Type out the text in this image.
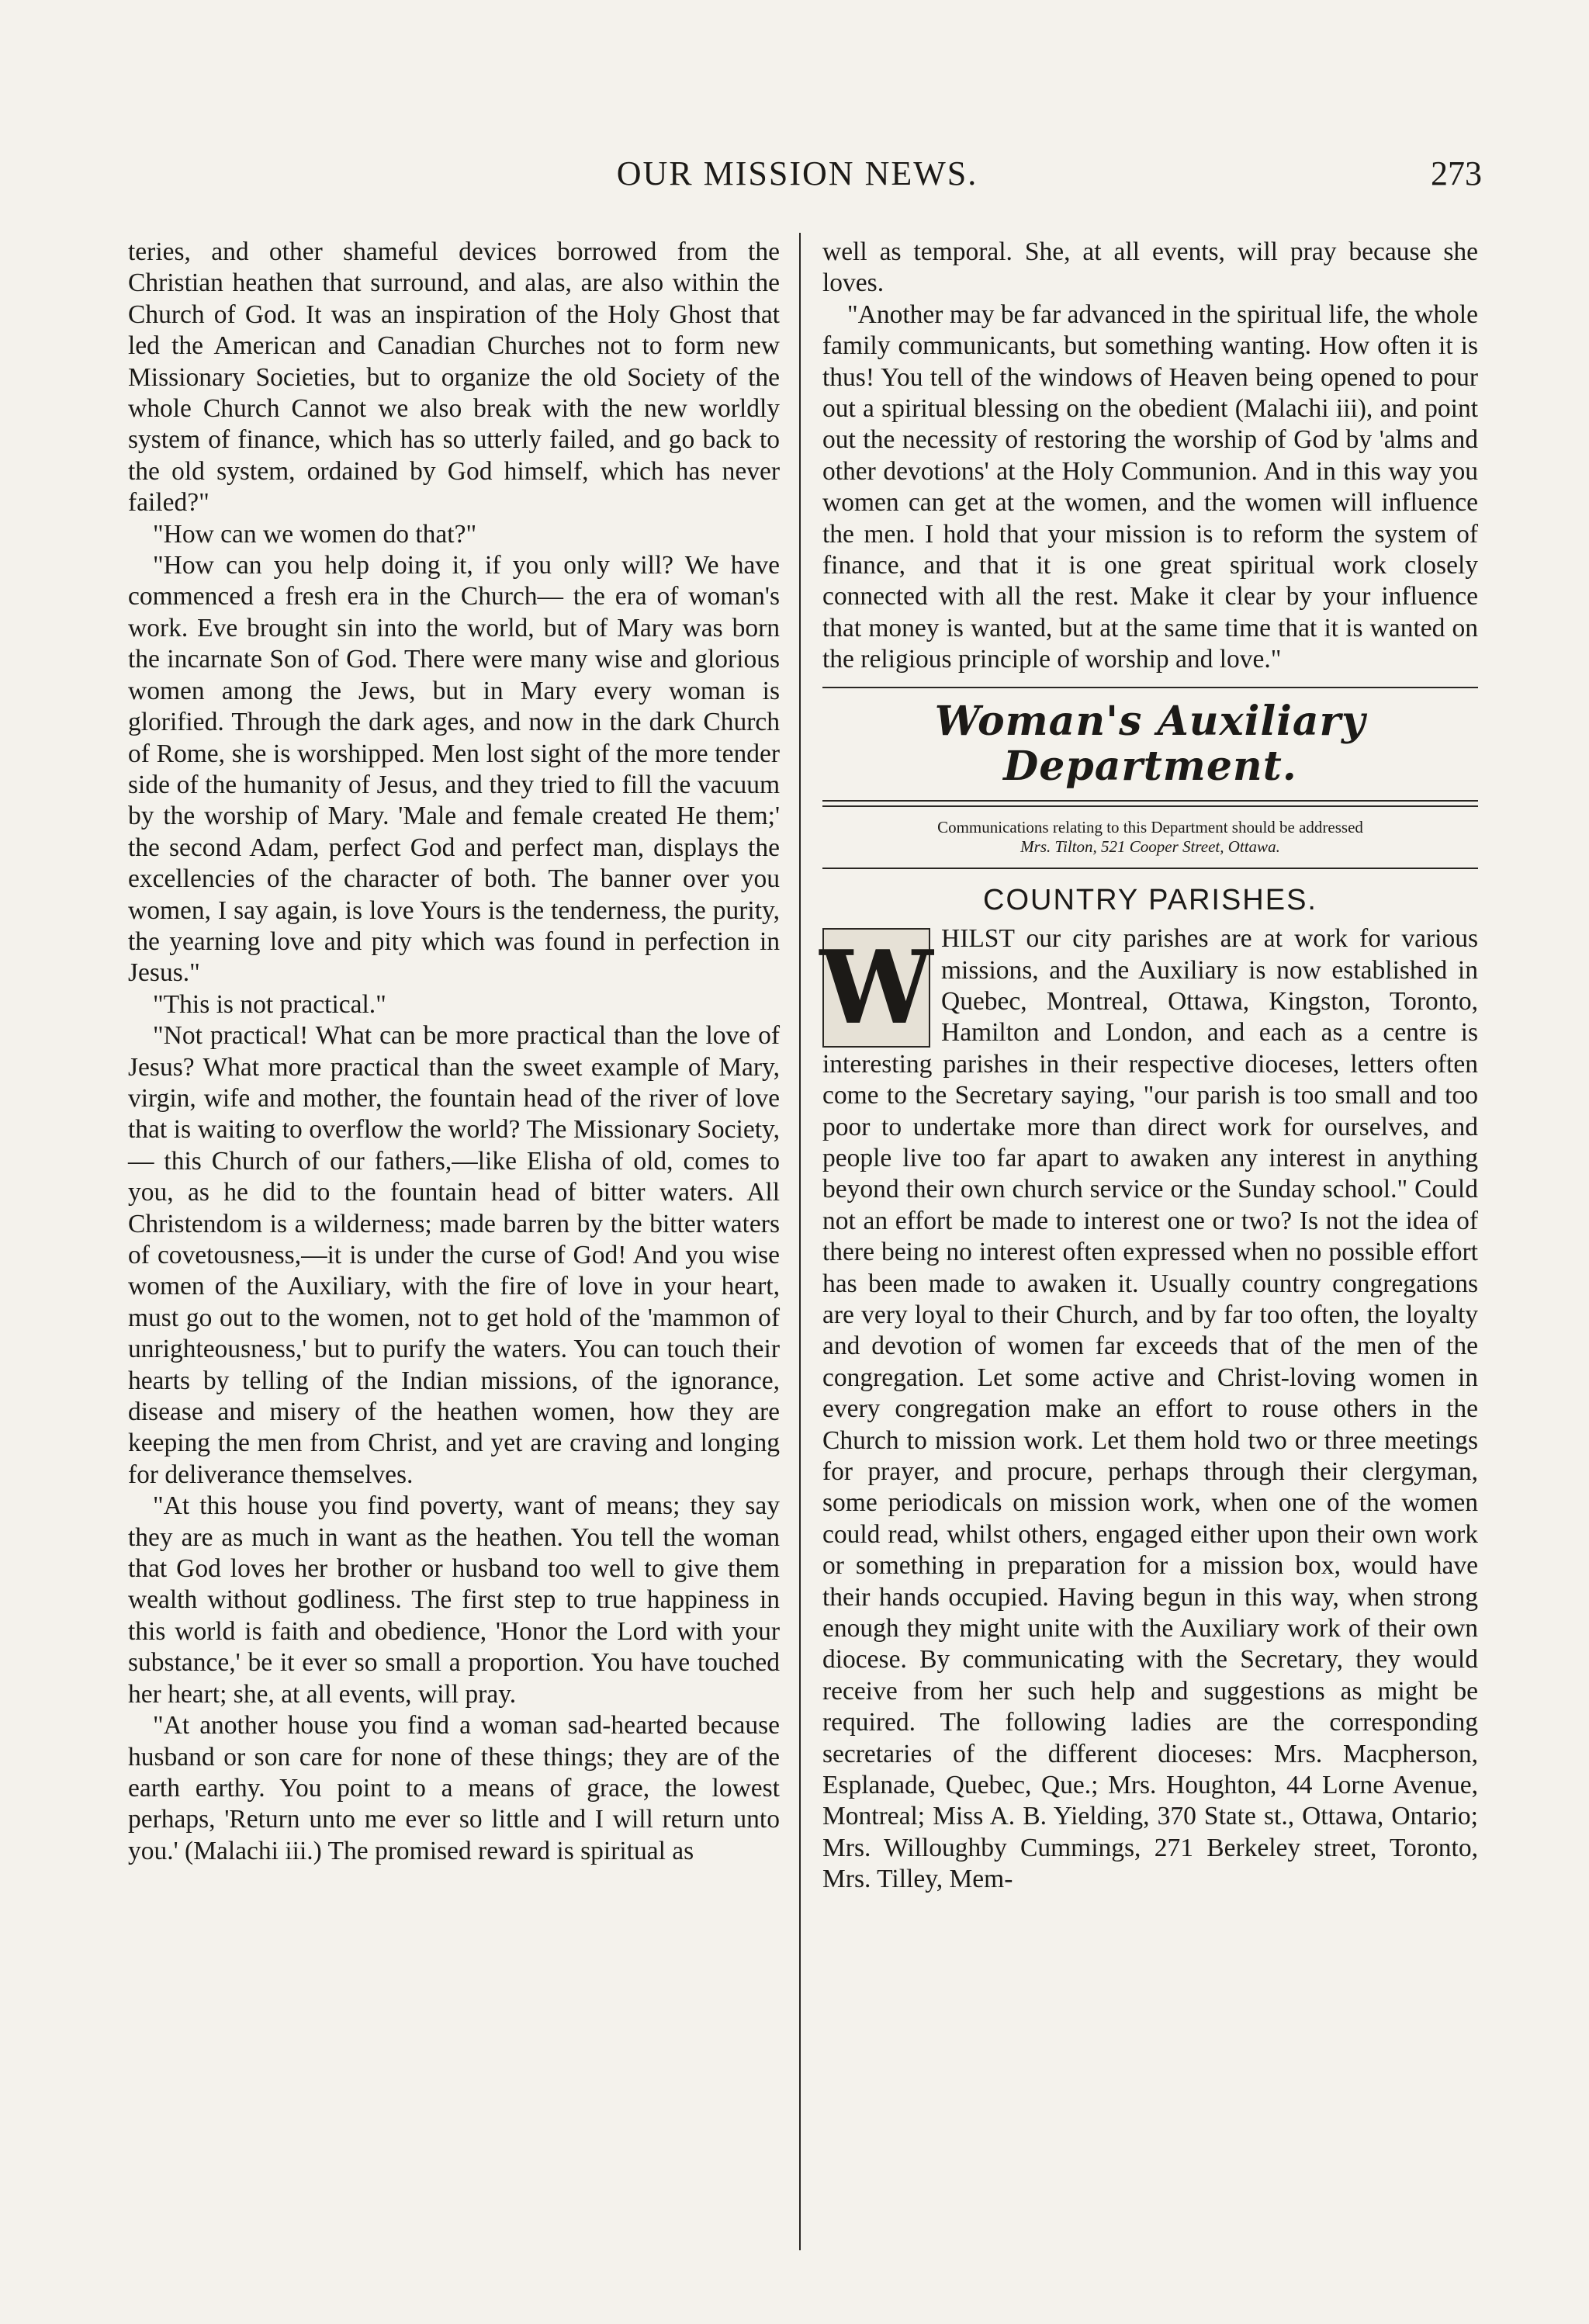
OUR MISSION NEWS.	273

teries, and other shameful devices borrowed from the Christian heathen that surround, and alas, are also within the Church of God. It was an inspiration of the Holy Ghost that led the American and Canadian Churches not to form new Missionary Societies, but to organize the old Society of the whole Church Cannot we also break with the new worldly system of finance, which has so utterly failed, and go back to the old system, ordained by God himself, which has never failed?"

"How can we women do that?"

"How can you help doing it, if you only will? We have commenced a fresh era in the Church— the era of woman's work. Eve brought sin into the world, but of Mary was born the incarnate Son of God. There were many wise and glorious women among the Jews, but in Mary every woman is glorified. Through the dark ages, and now in the dark Church of Rome, she is worshipped. Men lost sight of the more tender side of the humanity of Jesus, and they tried to fill the vacuum by the worship of Mary. 'Male and female created He them;' the second Adam, perfect God and perfect man, displays the excellencies of the character of both. The banner over you women, I say again, is love Yours is the tenderness, the purity, the yearning love and pity which was found in perfection in Jesus."

"This is not practical."

"Not practical! What can be more practical than the love of Jesus? What more practical than the sweet example of Mary, virgin, wife and mother, the fountain head of the river of love that is waiting to overflow the world? The Missionary Society,— this Church of our fathers,—like Elisha of old, comes to you, as he did to the fountain head of bitter waters. All Christendom is a wilderness; made barren by the bitter waters of covetousness,—it is under the curse of God! And you wise women of the Auxiliary, with the fire of love in your heart, must go out to the women, not to get hold of the 'mammon of unrighteousness,' but to purify the waters. You can touch their hearts by telling of the Indian missions, of the ignorance, disease and misery of the heathen women, how they are keeping the men from Christ, and yet are craving and longing for deliverance themselves.

"At this house you find poverty, want of means; they say they are as much in want as the heathen. You tell the woman that God loves her brother or husband too well to give them wealth without godliness. The first step to true happiness in this world is faith and obedience, 'Honor the Lord with your substance,' be it ever so small a proportion. You have touched her heart; she, at all events, will pray.

"At another house you find a woman sad-hearted because husband or son care for none of these things; they are of the earth earthy. You point to a means of grace, the lowest perhaps, 'Return unto me ever so little and I will return unto you.' (Malachi iii.) The promised reward is spiritual as

well as temporal. She, at all events, will pray because she loves.

"Another may be far advanced in the spiritual life, the whole family communicants, but something wanting. How often it is thus! You tell of the windows of Heaven being opened to pour out a spiritual blessing on the obedient (Malachi iii), and point out the necessity of restoring the worship of God by 'alms and other devotions' at the Holy Communion. And in this way you women can get at the women, and the women will influence the men. I hold that your mission is to reform the system of finance, and that it is one great spiritual work closely connected with all the rest. Make it clear by your influence that money is wanted, but at the same time that it is wanted on the religious principle of worship and love."

Woman's Auxiliary Department.
Communications relating to this Department should be addressed
Mrs. Tilton, 521 Cooper Street, Ottawa.
COUNTRY PARISHES.
W HILST our city parishes are at work for various missions, and the Auxiliary is now established in Quebec, Montreal, Ottawa, Kingston, Toronto, Hamilton and London, and each as a centre is interesting parishes in their respective dioceses, letters often come to the Secretary saying, "our parish is too small and too poor to undertake more than direct work for ourselves, and people live too far apart to awaken any interest in anything beyond their own church service or the Sunday school." Could not an effort be made to interest one or two? Is not the idea of there being no interest often expressed when no possible effort has been made to awaken it. Usually country congregations are very loyal to their Church, and by far too often, the loyalty and devotion of women far exceeds that of the men of the congregation. Let some active and Christ-loving women in every congregation make an effort to rouse others in the Church to mission work. Let them hold two or three meetings for prayer, and procure, perhaps through their clergyman, some periodicals on mission work, when one of the women could read, whilst others, engaged either upon their own work or something in preparation for a mission box, would have their hands occupied. Having begun in this way, when strong enough they might unite with the Auxiliary work of their own diocese. By communicating with the Secretary, they would receive from her such help and suggestions as might be required. The following ladies are the corresponding secretaries of the different dioceses: Mrs. Macpherson, Esplanade, Quebec, Que.; Mrs. Houghton, 44 Lorne Avenue, Montreal; Miss A. B. Yielding, 370 State st., Ottawa, Ontario; Mrs. Willoughby Cummings, 271 Berkeley street, Toronto, Mrs. Tilley, Mem-
